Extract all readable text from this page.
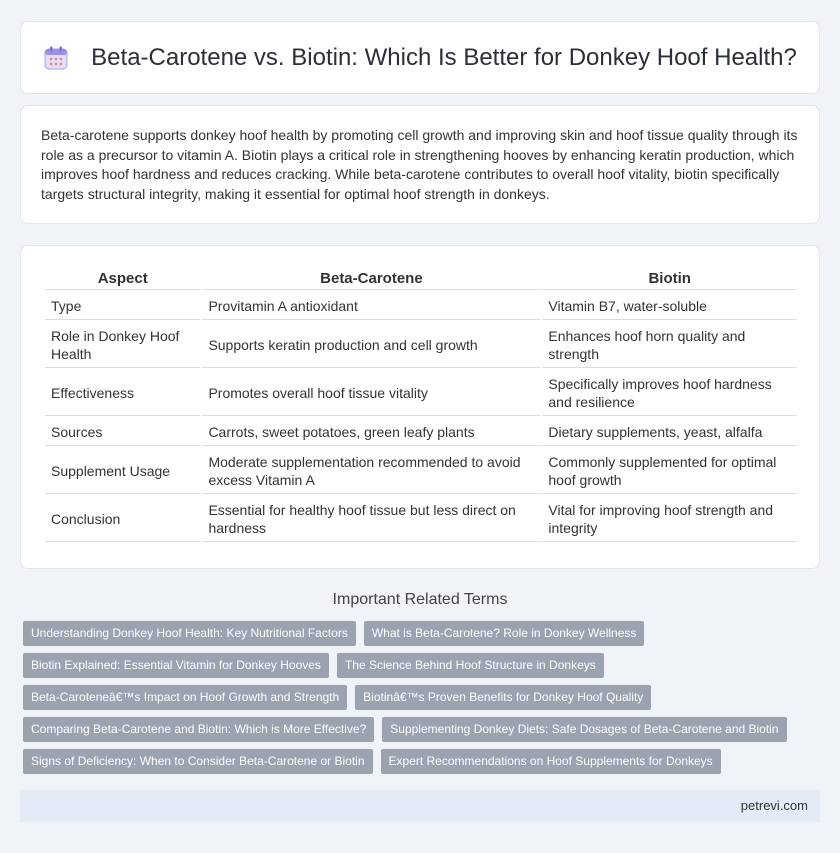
Beta-Carotene vs. Biotin: Which Is Better for Donkey Hoof Health?

Beta-carotene supports donkey hoof health by promoting cell growth and improving skin and hoof tissue quality through its role as a precursor to vitamin A. Biotin plays a critical role in strengthening hooves by enhancing keratin production, which improves hoof hardness and reduces cracking. While beta-carotene contributes to overall hoof vitality, biotin specifically targets structural integrity, making it essential for optimal hoof strength in donkeys.

Aspect	Beta-Carotene	Biotin
Type	Provitamin A antioxidant	Vitamin B7, water-soluble
Role in Donkey Hoof Health	Supports keratin production and cell growth	Enhances hoof horn quality and strength
Effectiveness	Promotes overall hoof tissue vitality	Specifically improves hoof hardness and resilience
Sources	Carrots, sweet potatoes, green leafy plants	Dietary supplements, yeast, alfalfa
Supplement Usage	Moderate supplementation recommended to avoid excess Vitamin A	Commonly supplemented for optimal hoof growth
Conclusion	Essential for healthy hoof tissue but less direct on hardness	Vital for improving hoof strength and integrity
Important Related Terms
Understanding Donkey Hoof Health: Key Nutritional Factors	What is Beta-Carotene? Role in Donkey Wellness
Biotin Explained: Essential Vitamin for Donkey Hooves	The Science Behind Hoof Structure in Donkeys
Beta-Caroteneâ€™s Impact on Hoof Growth and Strength	Biotinâ€™s Proven Benefits for Donkey Hoof Quality
Comparing Beta-Carotene and Biotin: Which is More Effective?	Supplementing Donkey Diets: Safe Dosages of Beta-Carotene and Biotin
Signs of Deficiency: When to Consider Beta-Carotene or Biotin	Expert Recommendations on Hoof Supplements for Donkeys
petrevi.com
